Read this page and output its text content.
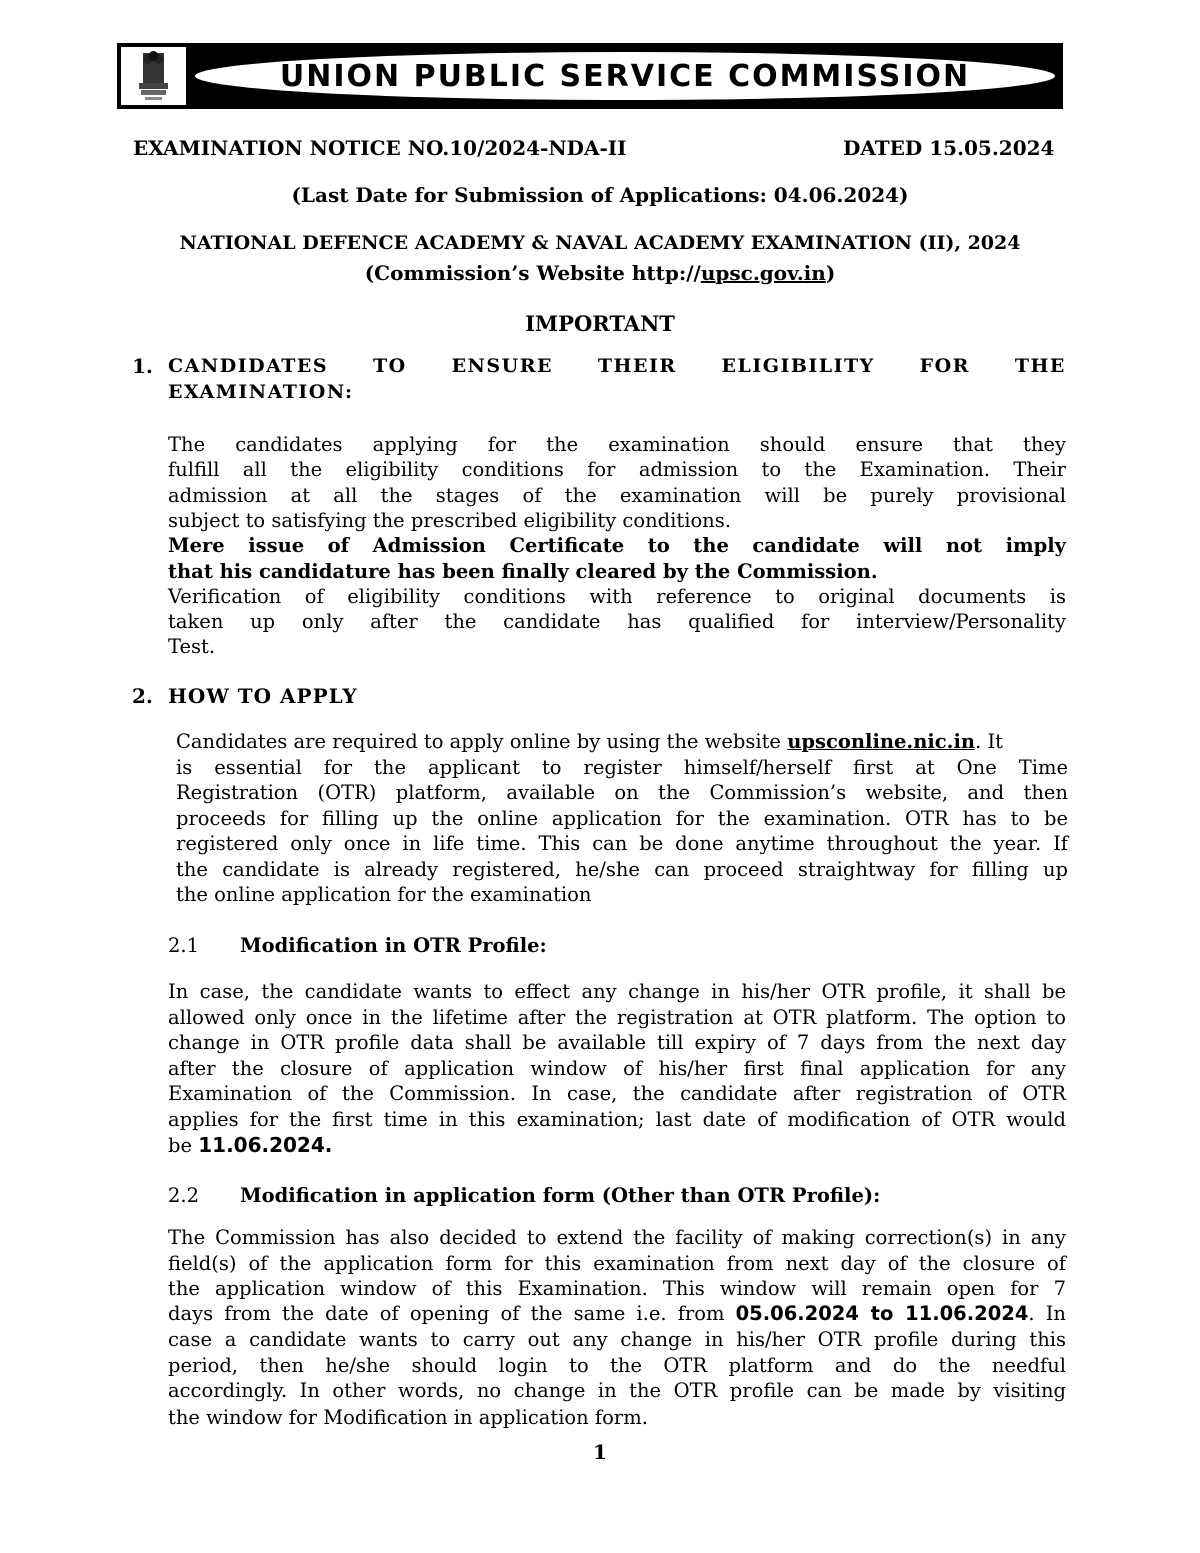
UNION PUBLIC SERVICE COMMISSION
EXAMINATION NOTICE NO.10/2024-NDA-II	DATED 15.05.2024
(Last Date for Submission of Applications: 04.06.2024)
NATIONAL DEFENCE ACADEMY & NAVAL ACADEMY EXAMINATION (II), 2024
(Commission’s Website http://upsc.gov.in)
IMPORTANT
1. CANDIDATES TO ENSURE THEIR ELIGIBILITY FOR THE
EXAMINATION:
The candidates applying for the examination should ensure that they
fulfill all the eligibility conditions for admission to the Examination. Their
admission at all the stages of the examination will be purely provisional
subject to satisfying the prescribed eligibility conditions.
Mere issue of Admission Certificate to the candidate will not imply
that his candidature has been finally cleared by the Commission.
Verification of eligibility conditions with reference to original documents is
taken up only after the candidate has qualified for interview/Personality
Test.
2. HOW TO APPLY
Candidates are required to apply online by using the website upsconline.nic.in. It
is essential for the applicant to register himself/herself first at One Time
Registration (OTR) platform, available on the Commission’s website, and then
proceeds for filling up the online application for the examination. OTR has to be
registered only once in life time. This can be done anytime throughout the year. If
the candidate is already registered, he/she can proceed straightway for filling up
the online application for the examination
2.1 Modification in OTR Profile:
In case, the candidate wants to effect any change in his/her OTR profile, it shall be
allowed only once in the lifetime after the registration at OTR platform. The option to
change in OTR profile data shall be available till expiry of 7 days from the next day
after the closure of application window of his/her first final application for any
Examination of the Commission. In case, the candidate after registration of OTR
applies for the first time in this examination; last date of modification of OTR would
be 11.06.2024.
2.2 Modification in application form (Other than OTR Profile):
The Commission has also decided to extend the facility of making correction(s) in any
field(s) of the application form for this examination from next day of the closure of
the application window of this Examination. This window will remain open for 7
days from the date of opening of the same i.e. from 05.06.2024 to 11.06.2024. In
case a candidate wants to carry out any change in his/her OTR profile during this
period, then he/she should login to the OTR platform and do the needful
accordingly. In other words, no change in the OTR profile can be made by visiting
the window for Modification in application form.
1
